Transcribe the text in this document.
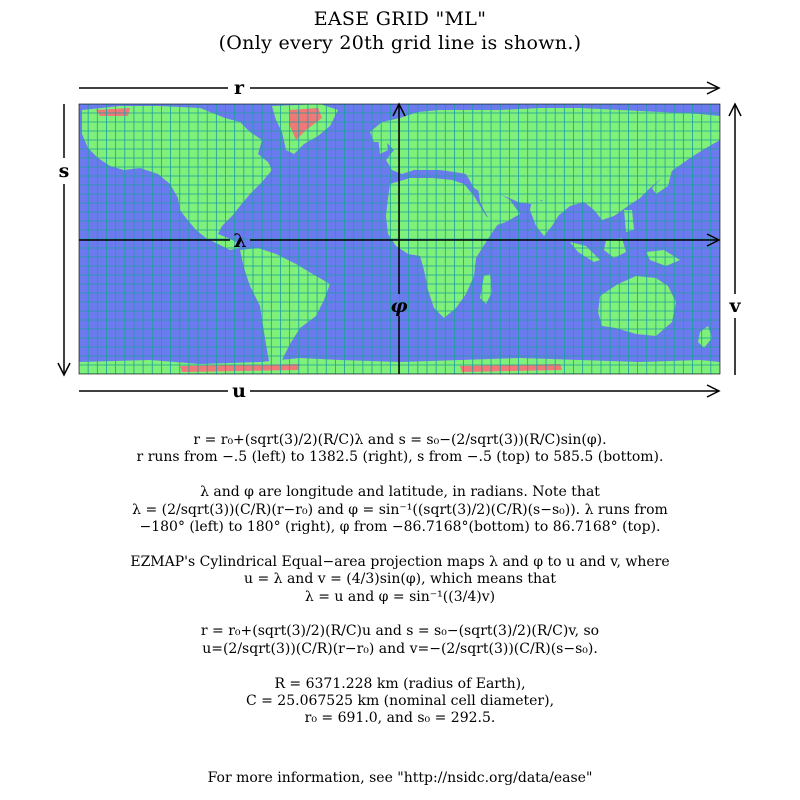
EASE GRID "ML"
(Only every 20th grid line is shown.)
r
u
s
v
λ
φ

r = r₀+(sqrt(3)/2)(R/C)λ and s = s₀−(2/sqrt(3))(R/C)sin(φ).

r runs from −.5 (left) to 1382.5 (right), s from −.5 (top) to 585.5 (bottom).

λ and φ are longitude and latitude, in radians. Note that

λ = (2/sqrt(3))(C/R)(r−r₀) and φ = sin⁻¹((sqrt(3)/2)(C/R)(s−s₀)). λ runs from

−180° (left) to 180° (right), φ from −86.7168°(bottom) to 86.7168° (top).

EZMAP's Cylindrical Equal−area projection maps λ and φ to u and v, where

u = λ and v = (4/3)sin(φ), which means that

λ = u and φ = sin⁻¹((3/4)v)

r = r₀+(sqrt(3)/2)(R/C)u and s = s₀−(sqrt(3)/2)(R/C)v, so

u=(2/sqrt(3))(C/R)(r−r₀) and v=−(2/sqrt(3))(C/R)(s−s₀).

R = 6371.228 km (radius of Earth),

C = 25.067525 km (nominal cell diameter),

r₀ = 691.0, and s₀ = 292.5.

For more information, see "http://nsidc.org/data/ease"
